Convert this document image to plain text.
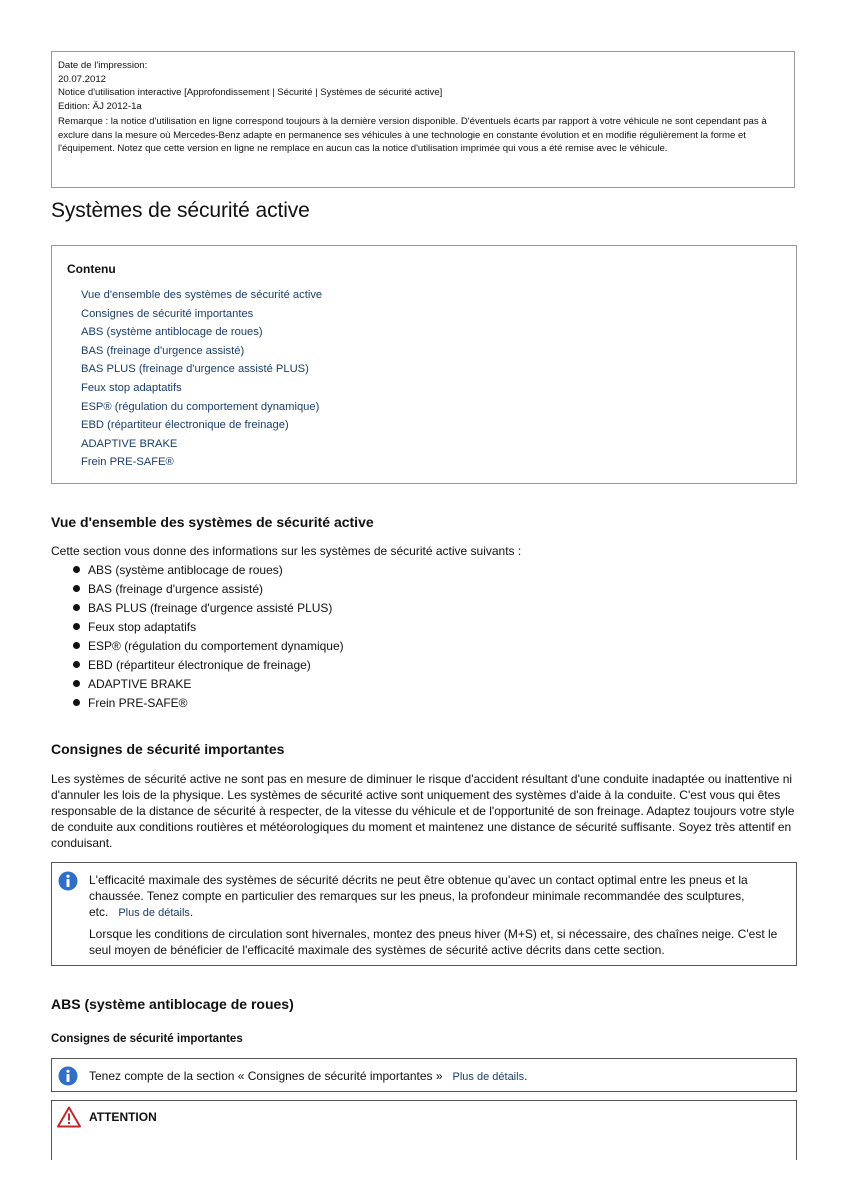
Date de l'impression:
20.07.2012
Notice d'utilisation interactive [Approfondissement | Sécurité | Systèmes de sécurité active]
Edition: ÄJ 2012-1a
Remarque : la notice d'utilisation en ligne correspond toujours à la dernière version disponible. D'éventuels écarts par rapport à votre véhicule ne sont cependant pas à exclure dans la mesure où Mercedes-Benz adapte en permanence ses véhicules à une technologie en constante évolution et en modifie régulièrement la forme et l'équipement. Notez que cette version en ligne ne remplace en aucun cas la notice d'utilisation imprimée qui vous a été remise avec le véhicule.
Systèmes de sécurité active
Contenu
Vue d'ensemble des systèmes de sécurité active
Consignes de sécurité importantes
ABS (système antiblocage de roues)
BAS (freinage d'urgence assisté)
BAS PLUS (freinage d'urgence assisté PLUS)
Feux stop adaptatifs
ESP® (régulation du comportement dynamique)
EBD (répartiteur électronique de freinage)
ADAPTIVE BRAKE
Frein PRE-SAFE®
Vue d'ensemble des systèmes de sécurité active

Cette section vous donne des informations sur les systèmes de sécurité active suivants :

ABS (système antiblocage de roues)
BAS (freinage d'urgence assisté)
BAS PLUS (freinage d'urgence assisté PLUS)
Feux stop adaptatifs
ESP® (régulation du comportement dynamique)
EBD (répartiteur électronique de freinage)
ADAPTIVE BRAKE
Frein PRE-SAFE®
Consignes de sécurité importantes

Les systèmes de sécurité active ne sont pas en mesure de diminuer le risque d'accident résultant d'une conduite inadaptée ou inattentive ni d'annuler les lois de la physique. Les systèmes de sécurité active sont uniquement des systèmes d'aide à la conduite. C'est vous qui êtes responsable de la distance de sécurité à respecter, de la vitesse du véhicule et de l'opportunité de son freinage. Adaptez toujours votre style de conduite aux conditions routières et météorologiques du moment et maintenez une distance de sécurité suffisante. Soyez très attentif en conduisant.

L'efficacité maximale des systèmes de sécurité décrits ne peut être obtenue qu'avec un contact optimal entre les pneus et la chaussée. Tenez compte en particulier des remarques sur les pneus, la profondeur minimale recommandée des sculptures, etc. Plus de détails.

Lorsque les conditions de circulation sont hivernales, montez des pneus hiver (M+S) et, si nécessaire, des chaînes neige. C'est le seul moyen de bénéficier de l'efficacité maximale des systèmes de sécurité active décrits dans cette section.

ABS (système antiblocage de roues)
Consignes de sécurité importantes

Tenez compte de la section « Consignes de sécurité importantes » Plus de détails.

ATTENTION
